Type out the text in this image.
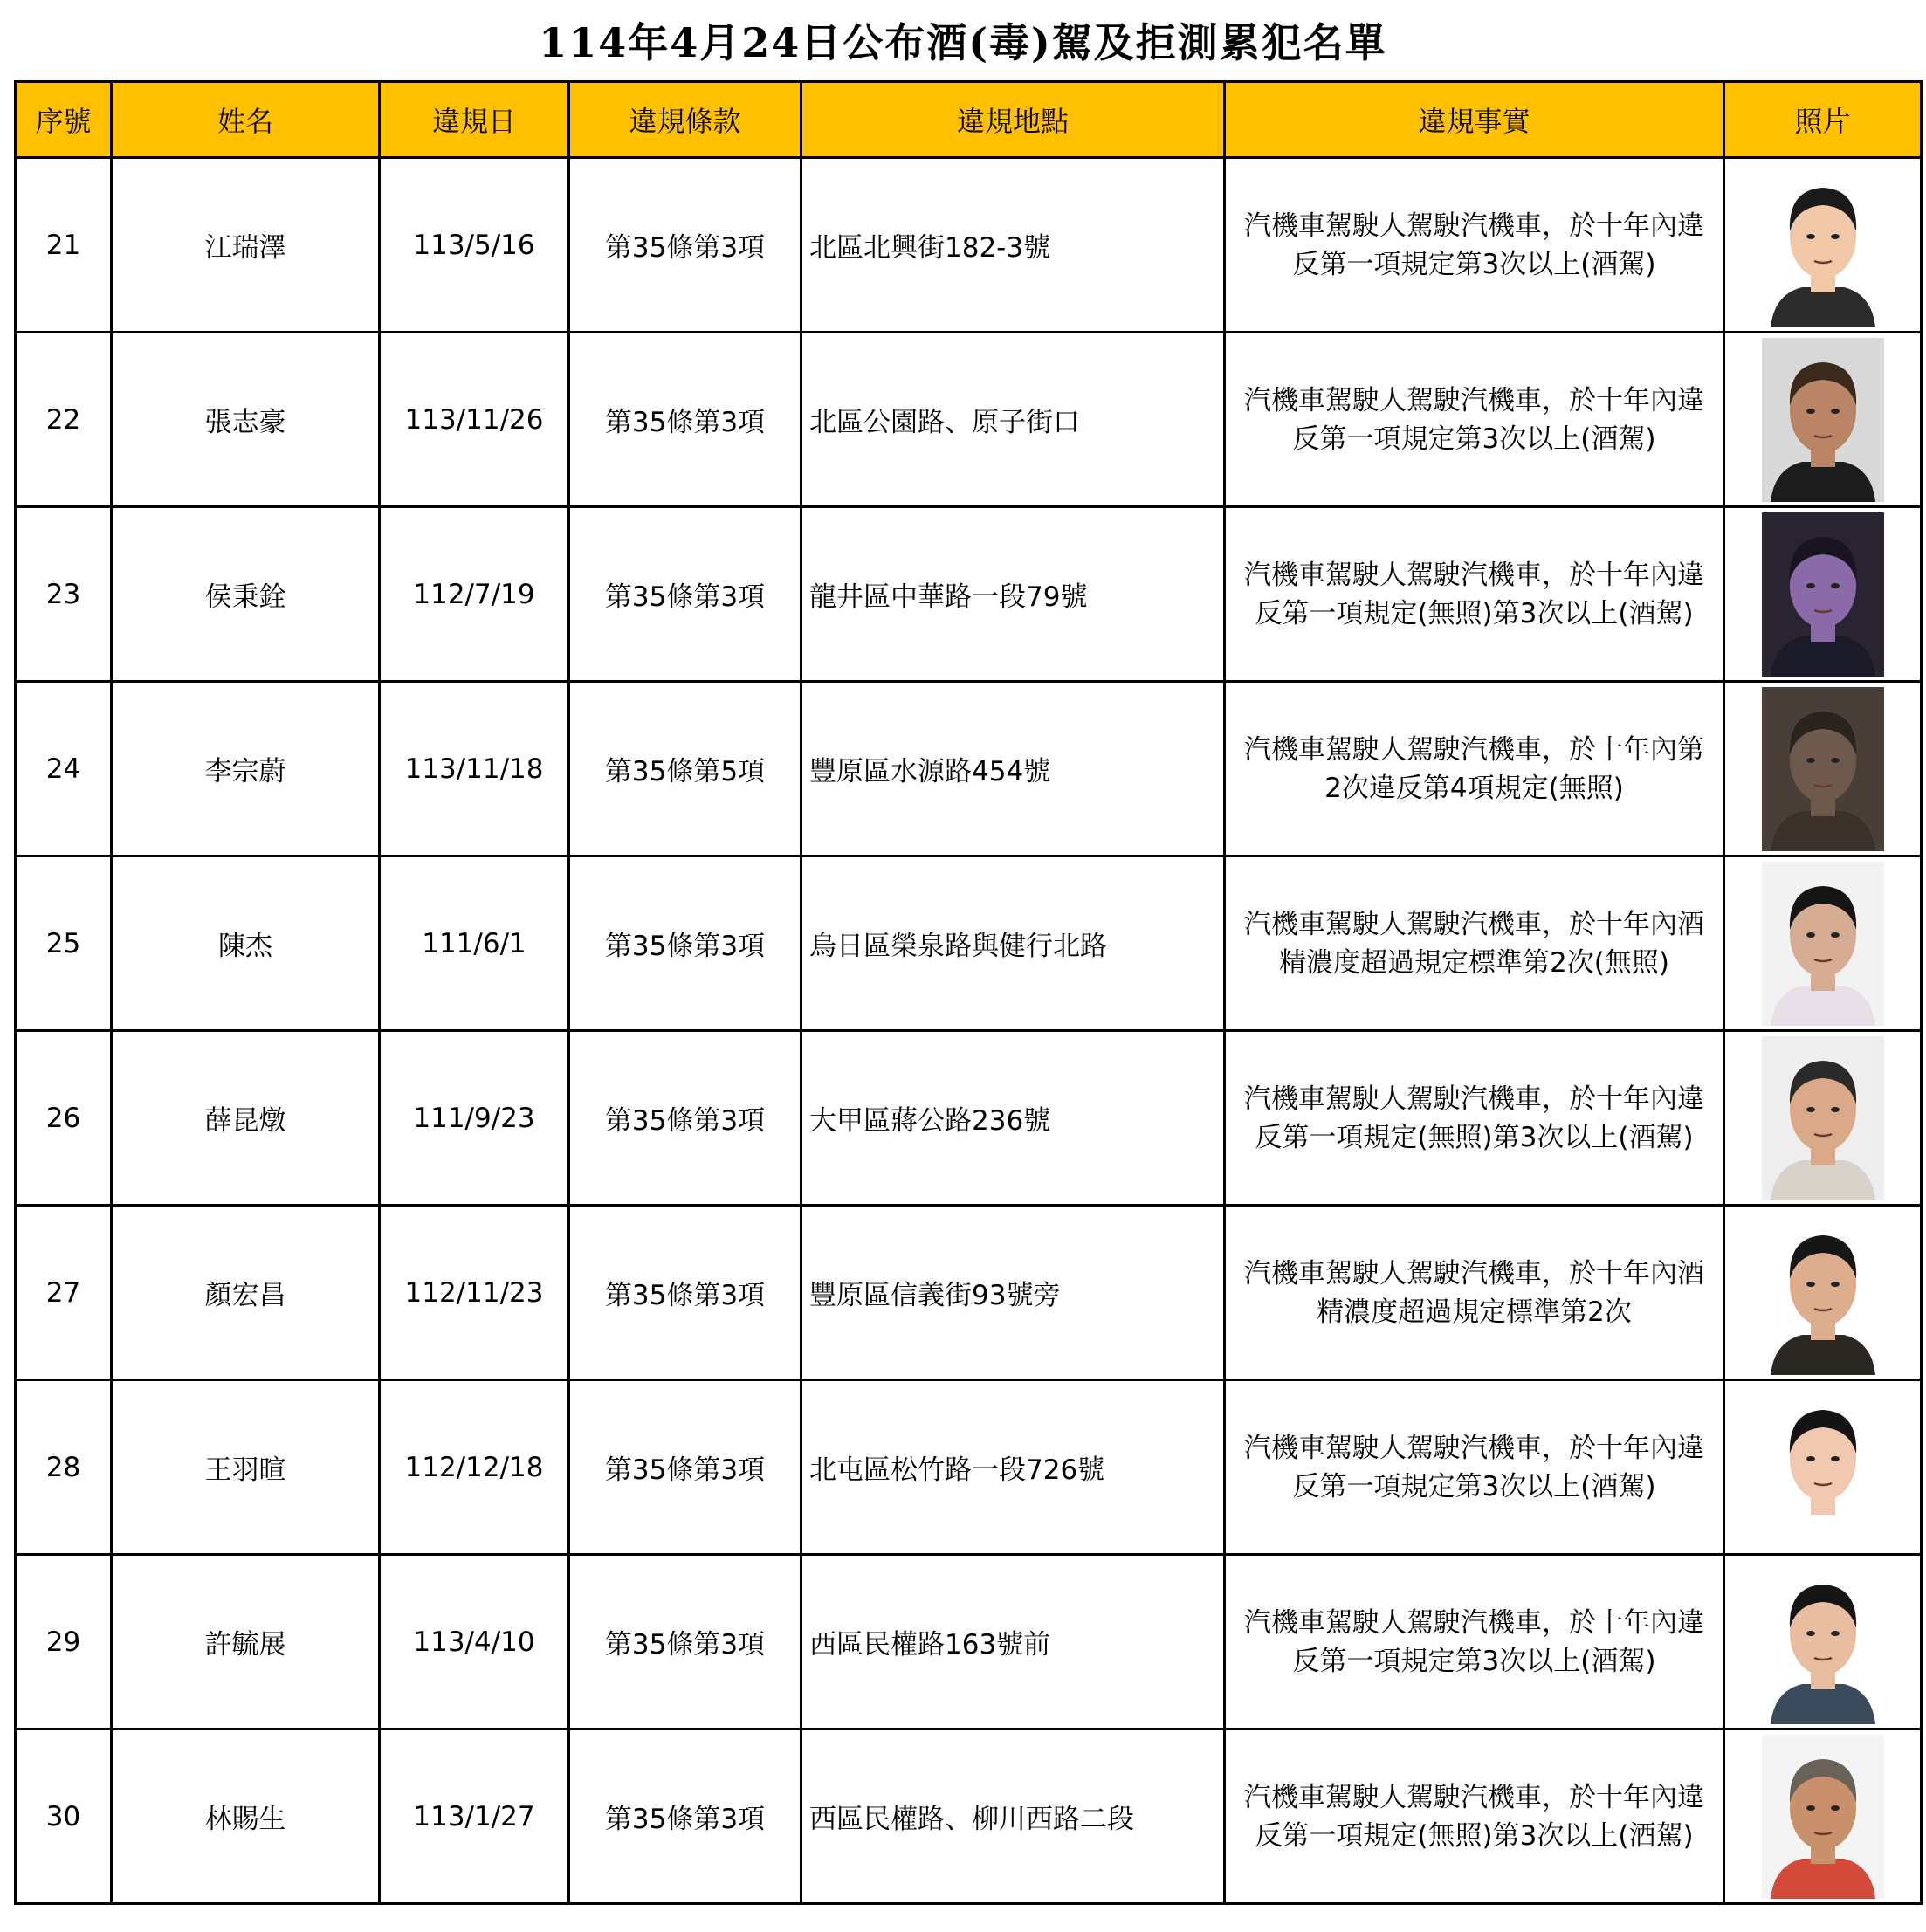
114年4月24日公布酒(毒)駕及拒測累犯名單
序號	姓名	違規日	違規條款	違規地點	違規事實	照片
21	江瑞澤	113/5/16	第35條第3項	北區北興街182-3號	汽機車駕駛人駕駛汽機車，於十年內違反第一項規定第3次以上(酒駕)	

22	張志豪	113/11/26	第35條第3項	北區公園路、原子街口	汽機車駕駛人駕駛汽機車，於十年內違反第一項規定第3次以上(酒駕)	

23	侯秉銓	112/7/19	第35條第3項	龍井區中華路一段79號	汽機車駕駛人駕駛汽機車，於十年內違反第一項規定(無照)第3次以上(酒駕)	

24	李宗蔚	113/11/18	第35條第5項	豐原區水源路454號	汽機車駕駛人駕駛汽機車，於十年內第2次違反第4項規定(無照)	

25	陳杰	111/6/1	第35條第3項	烏日區榮泉路與健行北路	汽機車駕駛人駕駛汽機車，於十年內酒精濃度超過規定標準第2次(無照)	

26	薛昆燉	111/9/23	第35條第3項	大甲區蔣公路236號	汽機車駕駛人駕駛汽機車，於十年內違反第一項規定(無照)第3次以上(酒駕)	

27	顏宏昌	112/11/23	第35條第3項	豐原區信義街93號旁	汽機車駕駛人駕駛汽機車，於十年內酒精濃度超過規定標準第2次	

28	王羽暄	112/12/18	第35條第3項	北屯區松竹路一段726號	汽機車駕駛人駕駛汽機車，於十年內違反第一項規定第3次以上(酒駕)	

29	許毓展	113/4/10	第35條第3項	西區民權路163號前	汽機車駕駛人駕駛汽機車，於十年內違反第一項規定第3次以上(酒駕)	

30	林賜生	113/1/27	第35條第3項	西區民權路、柳川西路二段	汽機車駕駛人駕駛汽機車，於十年內違反第一項規定(無照)第3次以上(酒駕)	
